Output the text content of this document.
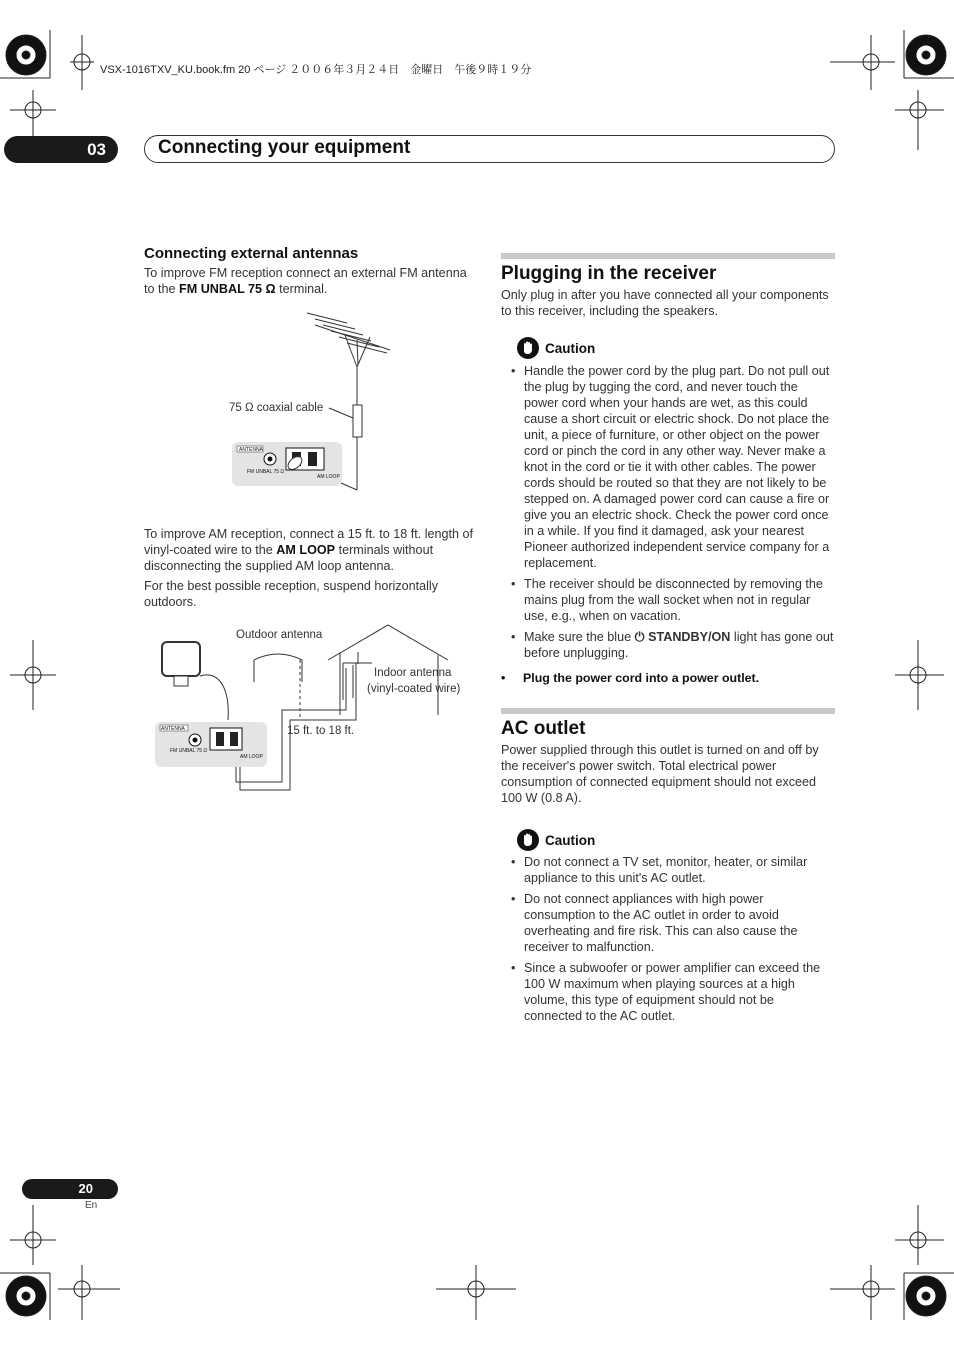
VSX-1016TXV_KU.book.fm 20 ページ ２００６年３月２４日　金曜日　午後９時１９分
03	Connecting your equipment
Connecting external antennas
To improve FM reception connect an external FM antenna to the FM UNBAL 75 Ω terminal.
ANTENNA
FM UNBAL 75 Ω
AM LOOP
75 Ω coaxial cable
To improve AM reception, connect a 15 ft. to 18 ft. length of vinyl-coated wire to the AM LOOP terminals without disconnecting the supplied AM loop antenna.
For the best possible reception, suspend horizontally outdoors.
ANTENNA
FM UNBAL 75 Ω
AM LOOP
Outdoor antenna
Indoor antenna
(vinyl-coated wire)
15 ft. to 18 ft.
Plugging in the receiver
Only plug in after you have connected all your components to this receiver, including the speakers.
Caution
• Handle the power cord by the plug part. Do not pull out the plug by tugging the cord, and never touch the power cord when your hands are wet, as this could cause a short circuit or electric shock. Do not place the unit, a piece of furniture, or other object on the power cord or pinch the cord in any other way. Never make a knot in the cord or tie it with other cables. The power cords should be routed so that they are not likely to be stepped on. A damaged power cord can cause a fire or give you an electric shock. Check the power cord once in a while. If you find it damaged, ask your nearest Pioneer authorized independent service company for a replacement.
• The receiver should be disconnected by removing the mains plug from the wall socket when not in regular use, e.g., when on vacation.
• Make sure the blue ⏻ STANDBY/ON light has gone out before unplugging.
• Plug the power cord into a power outlet.
AC outlet
Power supplied through this outlet is turned on and off by the receiver's power switch. Total electrical power consumption of connected equipment should not exceed 100 W (0.8 A).
Caution
• Do not connect a TV set, monitor, heater, or similar appliance to this unit's AC outlet.
• Do not connect appliances with high power consumption to the AC outlet in order to avoid overheating and fire risk. This can also cause the receiver to malfunction.
• Since a subwoofer or power amplifier can exceed the 100 W maximum when playing sources at a high volume, this type of equipment should not be connected to the AC outlet.
20
En
